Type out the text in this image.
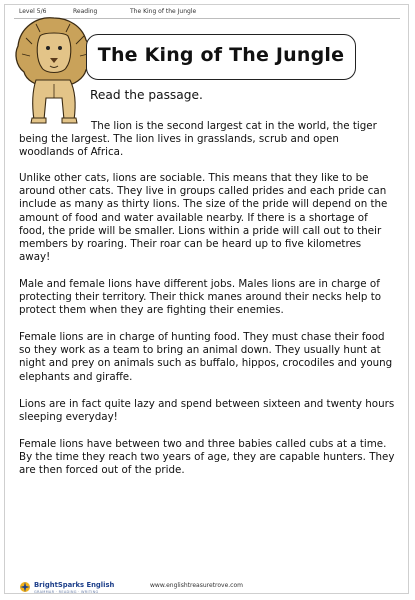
Level 5/6	Reading	The King of the Jungle
The King of The Jungle
Read the passage.

The lion is the second largest cat in the world, the tiger being the largest. The lion lives in grasslands, scrub and open woodlands of Africa.

Unlike other cats, lions are sociable. This means that they like to be around other cats. They live in groups called prides and each pride can include as many as thirty lions. The size of the pride will depend on the amount of food and water available nearby. If there is a shortage of food, the pride will be smaller. Lions within a pride will call out to their members by roaring. Their roar can be heard up to five kilometres away!

Male and female lions have different jobs. Males lions are in charge of protecting their territory. Their thick manes around their necks help to protect them when they are fighting their enemies.

Female lions are in charge of hunting food. They must chase their food so they work as a team to bring an animal down. They usually hunt at night and prey on animals such as buffalo, hippos, crocodiles and young elephants and giraffe.

Lions are in fact quite lazy and spend between sixteen and twenty hours sleeping everyday!

Female lions have between two and three babies called cubs at a time. By the time they reach two years of age, they are capable hunters. They are then forced out of the pride.

BrightSparks English
GRAMMAR · READING · WRITING
www.englishtreasuretrove.com
